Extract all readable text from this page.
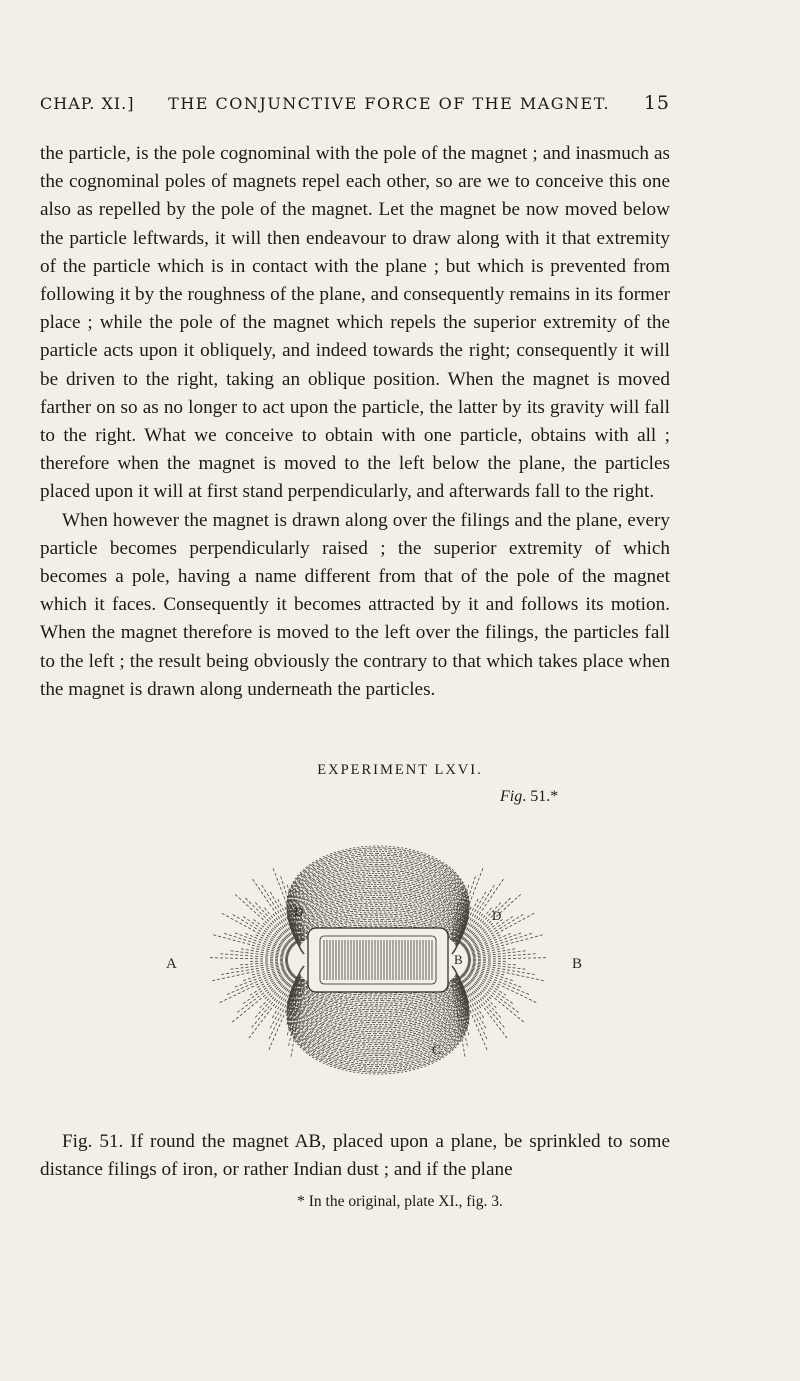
CHAP. XI.] THE CONJUNCTIVE FORCE OF THE MAGNET. 15

the particle, is the pole cognominal with the pole of the magnet ; and inasmuch as the cognominal poles of magnets repel each other, so are we to conceive this one also as repelled by the pole of the magnet. Let the magnet be now moved below the particle leftwards, it will then endeavour to draw along with it that extremity of the particle which is in contact with the plane ; but which is prevented from following it by the roughness of the plane, and consequently remains in its former place ; while the pole of the magnet which repels the superior extremity of the particle acts upon it obliquely, and indeed towards the right; consequently it will be driven to the right, taking an oblique position. When the magnet is moved farther on so as no longer to act upon the particle, the latter by its gravity will fall to the right. What we conceive to obtain with one particle, obtains with all ; therefore when the magnet is moved to the left below the plane, the particles placed upon it will at first stand perpendicularly, and afterwards fall to the right.

When however the magnet is drawn along over the filings and the plane, every particle becomes perpendicularly raised ; the superior extremity of which becomes a pole, having a name different from that of the pole of the magnet which it faces. Consequently it becomes attracted by it and follows its motion. When the magnet therefore is moved to the left over the filings, the particles fall to the left ; the result being obviously the contrary to that which takes place when the magnet is drawn along underneath the particles.

EXPERIMENT LXVI.
Fig. 51.*
A	B
B
D
D
C

Fig. 51. If round the magnet AB, placed upon a plane, be sprinkled to some distance filings of iron, or rather Indian dust ; and if the plane

* In the original, plate XI., fig. 3.
